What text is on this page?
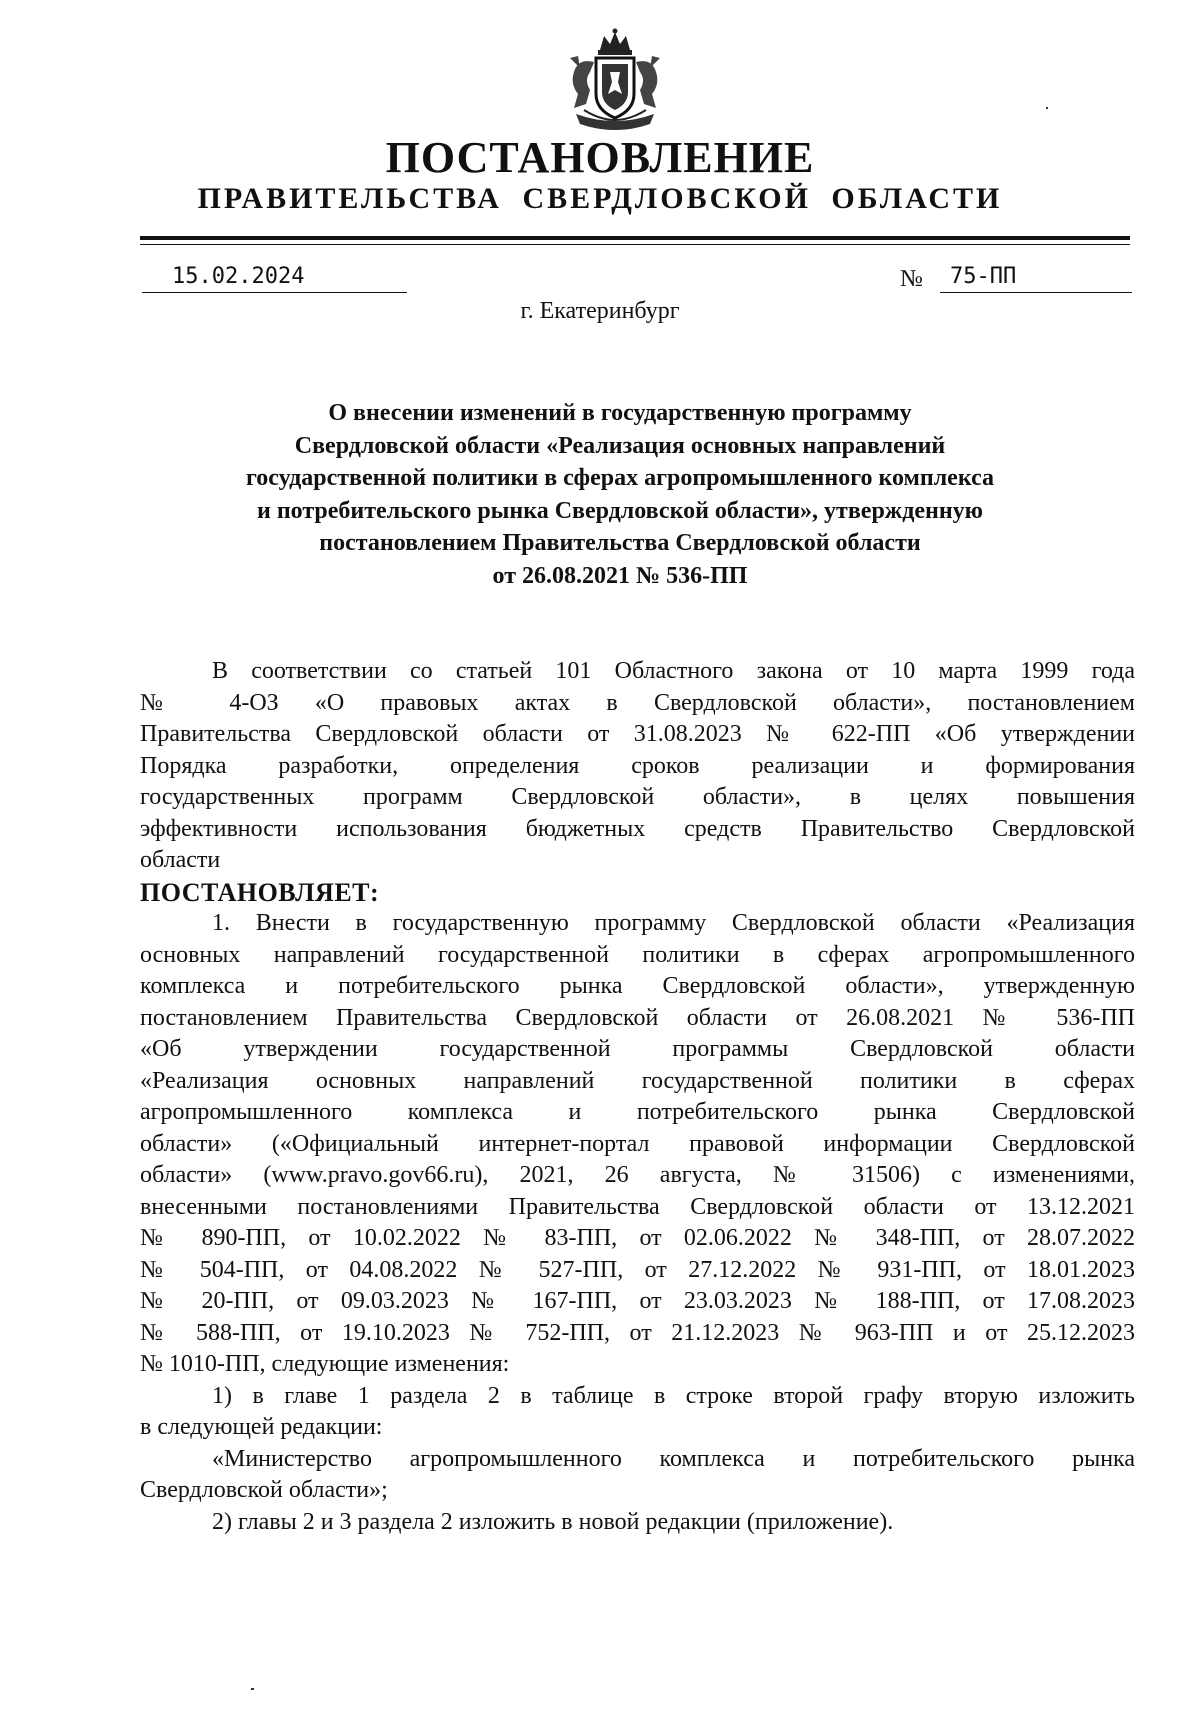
ПОСТАНОВЛЕНИЕ
ПРАВИТЕЛЬСТВА СВЕРДЛОВСКОЙ ОБЛАСТИ
15.02.2024	№	75-ПП
г. Екатеринбург
О внесении изменений в государственную программу
Свердловской области «Реализация основных направлений
государственной политики в сферах агропромышленного комплекса
и потребительского рынка Свердловской области», утвержденную
постановлением Правительства Свердловской области
от 26.08.2021 № 536-ПП
В соответствии со статьей 101 Областного закона от 10 марта 1999 года
№ 4-ОЗ «О правовых актах в Свердловской области», постановлением
Правительства Свердловской области от 31.08.2023 № 622-ПП «Об утверждении
Порядка разработки, определения сроков реализации и формирования
государственных программ Свердловской области», в целях повышения
эффективности использования бюджетных средств Правительство Свердловской
области
ПОСТАНОВЛЯЕТ:
1. Внести в государственную программу Свердловской области «Реализация
основных направлений государственной политики в сферах агропромышленного
комплекса и потребительского рынка Свердловской области», утвержденную
постановлением Правительства Свердловской области от 26.08.2021 № 536-ПП
«Об утверждении государственной программы Свердловской области
«Реализация основных направлений государственной политики в сферах
агропромышленного комплекса и потребительского рынка Свердловской
области» («Официальный интернет-портал правовой информации Свердловской
области» (www.pravo.gov66.ru), 2021, 26 августа, № 31506) с изменениями,
внесенными постановлениями Правительства Свердловской области от 13.12.2021
№ 890-ПП, от 10.02.2022 № 83-ПП, от 02.06.2022 № 348-ПП, от 28.07.2022
№ 504-ПП, от 04.08.2022 № 527-ПП, от 27.12.2022 № 931-ПП, от 18.01.2023
№ 20-ПП, от 09.03.2023 № 167-ПП, от 23.03.2023 № 188-ПП, от 17.08.2023
№ 588-ПП, от 19.10.2023 № 752-ПП, от 21.12.2023 № 963-ПП и от 25.12.2023
№ 1010-ПП, следующие изменения:
1) в главе 1 раздела 2 в таблице в строке второй графу вторую изложить
в следующей редакции:
«Министерство агропромышленного комплекса и потребительского рынка
Свердловской области»;
2) главы 2 и 3 раздела 2 изложить в новой редакции (приложение).
